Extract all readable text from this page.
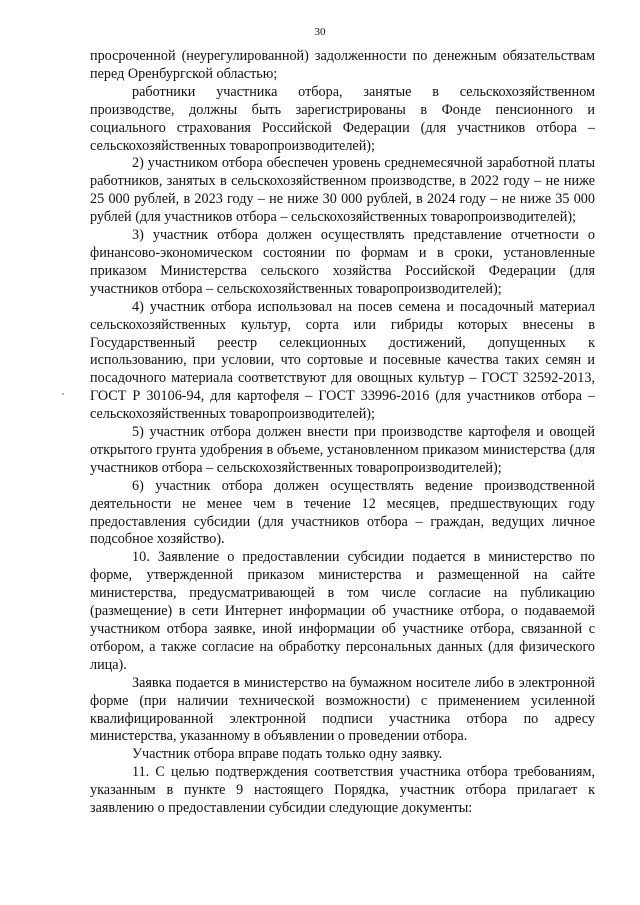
30

просроченной (неурегулированной) задолженности по денежным обязательствам перед Оренбургской областью;

работники участника отбора, занятые в сельскохозяйственном производстве, должны быть зарегистрированы в Фонде пенсионного и социального страхования Российской Федерации (для участников отбора – сельскохозяйственных товаропроизводителей);

2) участником отбора обеспечен уровень среднемесячной заработной платы работников, занятых в сельскохозяйственном производстве, в 2022 году – не ниже 25 000 рублей, в 2023 году – не ниже 30 000 рублей, в 2024 году – не ниже 35 000 рублей (для участников отбора – сельскохозяйственных товаропроизводителей);

3) участник отбора должен осуществлять представление отчетности о финансово-экономическом состоянии по формам и в сроки, установленные приказом Министерства сельского хозяйства Российской Федерации (для участников отбора – сельскохозяйственных товаропроизводителей);

4) участник отбора использовал на посев семена и посадочный материал сельскохозяйственных культур, сорта или гибриды которых внесены в Государственный реестр селекционных достижений, допущенных к использованию, при условии, что сортовые и посевные качества таких семян и посадочного материала соответствуют для овощных культур – ГОСТ 32592-2013, ГОСТ Р 30106-94, для картофеля – ГОСТ 33996-2016 (для участников отбора – сельскохозяйственных товаропроизводителей);

5) участник отбора должен внести при производстве картофеля и овощей открытого грунта удобрения в объеме, установленном приказом министерства (для участников отбора – сельскохозяйственных товаропроизводителей);

6) участник отбора должен осуществлять ведение производственной деятельности не менее чем в течение 12 месяцев, предшествующих году предоставления субсидии (для участников отбора – граждан, ведущих личное подсобное хозяйство).

10. Заявление о предоставлении субсидии подается в министерство по форме, утвержденной приказом министерства и размещенной на сайте министерства, предусматривающей в том числе согласие на публикацию (размещение) в сети Интернет информации об участнике отбора, о подаваемой участником отбора заявке, иной информации об участнике отбора, связанной с отбором, а также согласие на обработку персональных данных (для физического лица).

Заявка подается в министерство на бумажном носителе либо в электронной форме (при наличии технической возможности) с применением усиленной квалифицированной электронной подписи участника отбора по адресу министерства, указанному в объявлении о проведении отбора.

Участник отбора вправе подать только одну заявку.

11. С целью подтверждения соответствия участника отбора требованиям, указанным в пункте 9 настоящего Порядка, участник отбора прилагает к заявлению о предоставлении субсидии следующие документы:
